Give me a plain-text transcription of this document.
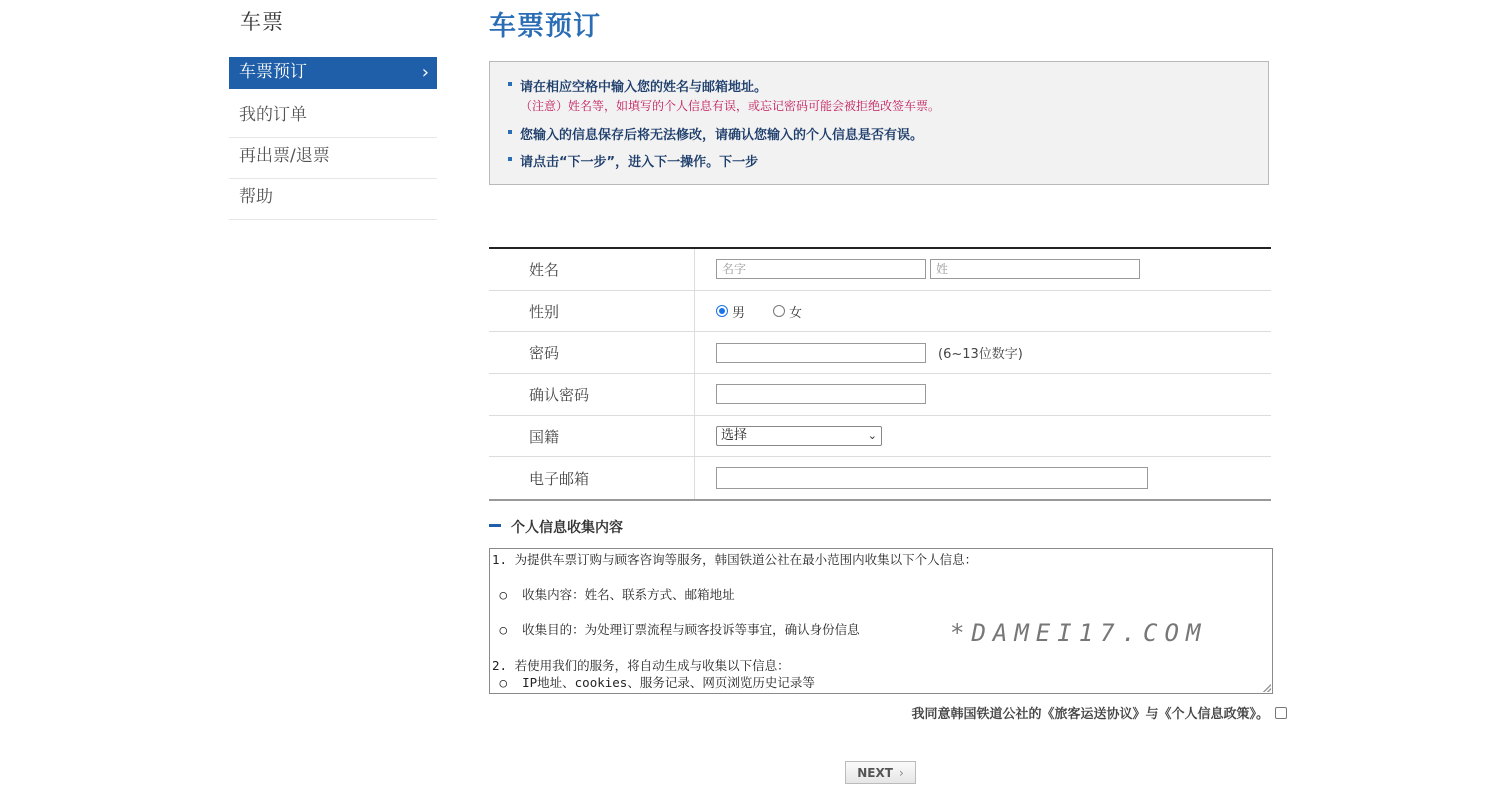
车票
车票预订	›
我的订单
再出票/退票
帮助
车票预订
请在相应空格中输入您的姓名与邮箱地址。
（注意）姓名等，如填写的个人信息有误，或忘记密码可能会被拒绝改签车票。
您输入的信息保存后将无法修改，请确认您输入的个人信息是否有误。
请点击“下一步”，进入下一操作。下一步
姓名	名字	姓
性别	男	女
密码	(6~13位数字)
确认密码
国籍	选择	⌄
电子邮箱
个人信息收集内容

1. 为提供车票订购与顾客咨询等服务，韩国铁道公社在最小范围内收集以下个人信息：

○  收集内容：姓名、联系方式、邮箱地址

○  收集目的：为处理订票流程与顾客投诉等事宜，确认身份信息

2. 若使用我们的服务，将自动生成与收集以下信息：

○  IP地址、cookies、服务记录、网页浏览历史记录等

*DAMEI17.COM
我同意韩国铁道公社的《旅客运送协议》与《个人信息政策》。
NEXT ›
